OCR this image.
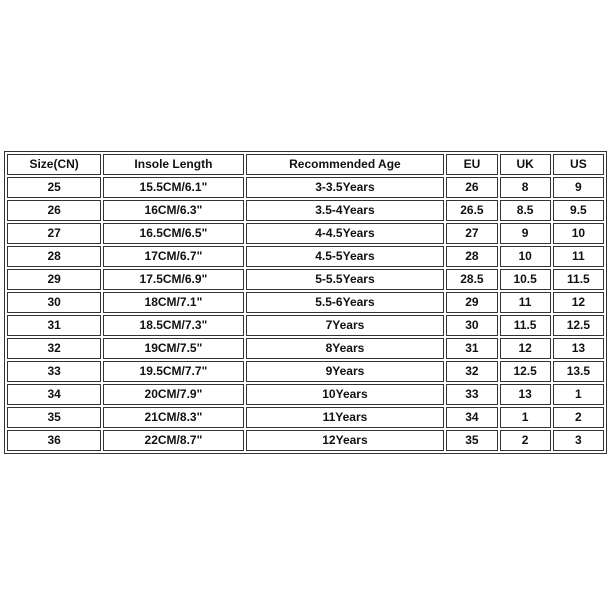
Size(CN)	Insole Length	Recommended Age	EU	UK	US
25	15.5CM/6.1"	3-3.5Years	26	8	9
26	16CM/6.3"	3.5-4Years	26.5	8.5	9.5
27	16.5CM/6.5"	4-4.5Years	27	9	10
28	17CM/6.7"	4.5-5Years	28	10	11
29	17.5CM/6.9"	5-5.5Years	28.5	10.5	11.5
30	18CM/7.1"	5.5-6Years	29	11	12
31	18.5CM/7.3"	7Years	30	11.5	12.5
32	19CM/7.5"	8Years	31	12	13
33	19.5CM/7.7"	9Years	32	12.5	13.5
34	20CM/7.9"	10Years	33	13	1
35	21CM/8.3"	11Years	34	1	2
36	22CM/8.7"	12Years	35	2	3
